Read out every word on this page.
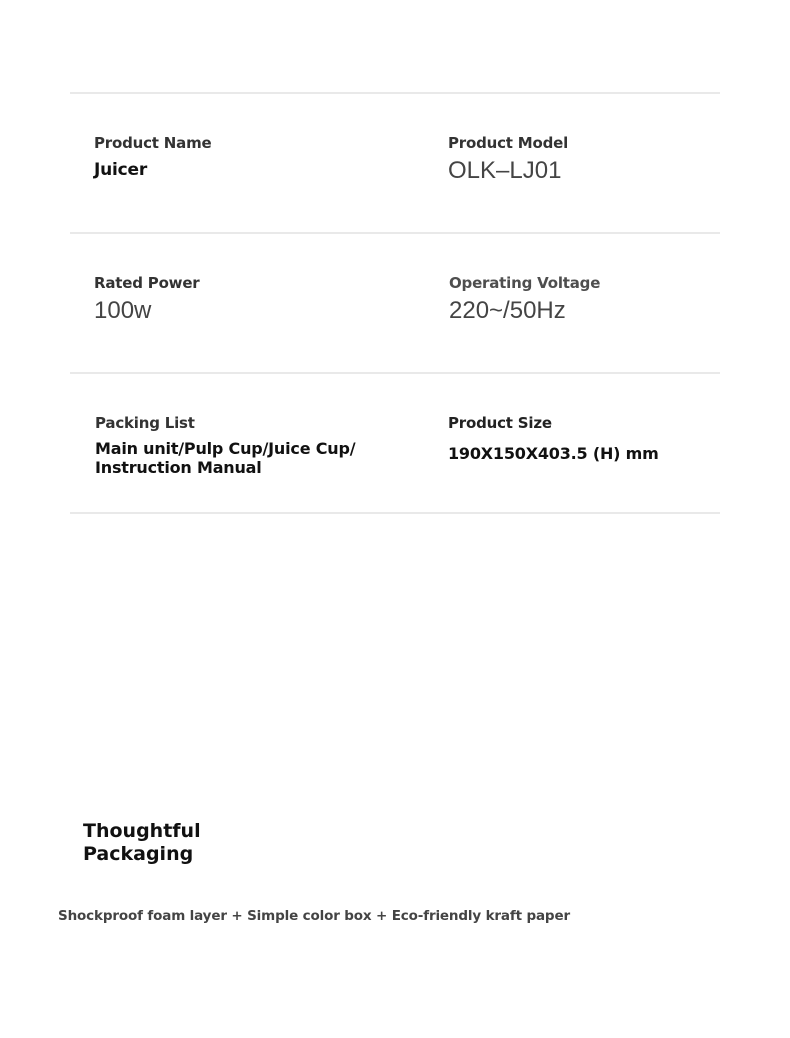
Product Name
Juicer
Product Model
OLK–LJ01
Rated Power
100w
Operating Voltage
220~/50Hz
Packing List
Main unit/Pulp Cup/Juice Cup/
Instruction Manual
Product Size
190X150X403.5 (H) mm
Thoughtful
Packaging
Shockproof foam layer + Simple color box + Eco-friendly kraft paper
